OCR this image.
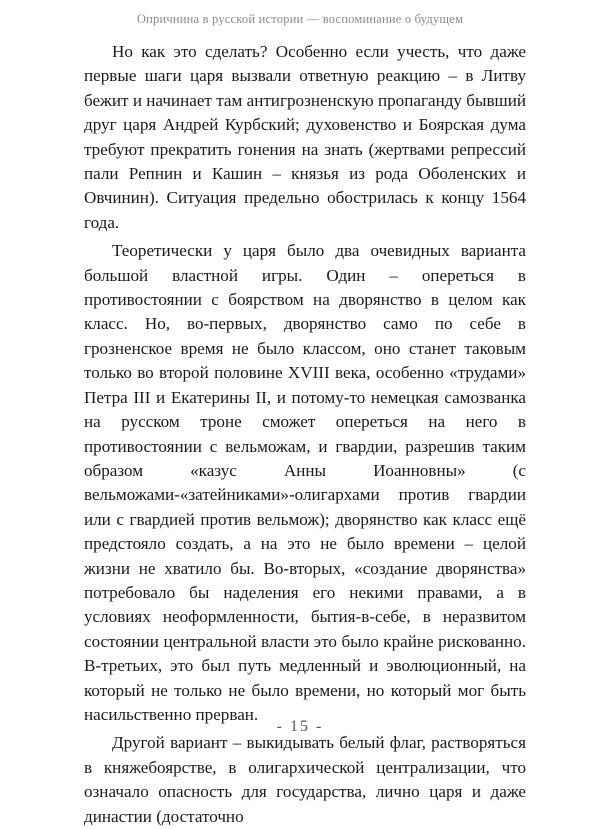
Опричнина в русской истории — воспоминание о будущем

Но как это сделать? Особенно если учесть, что даже первые шаги царя вызвали ответную реакцию – в Литву бежит и начинает там антигрозненскую пропаганду бывший друг царя Андрей Курбский; духовенство и Боярская дума требуют прекратить гонения на знать (жертвами репрессий пали Репнин и Кашин – князья из рода Оболенских и Овчинин). Ситуация предельно обострилась к концу 1564 года.

Теоретически у царя было два очевидных варианта большой властной игры. Один – опереться в противостоянии с боярством на дворянство в целом как класс. Но, во-первых, дворянство само по себе в грозненское время не было классом, оно станет таковым только во второй половине XVIII века, особенно «трудами» Петра III и Екатерины II, и потому-то немецкая самозванка на русском троне сможет опереться на него в противостоянии с вельможам, и гвардии, разрешив таким образом «казус Анны Иоанновны» (с вельможами-«затейниками»-олигархами против гвардии или с гвардией против вельмож); дворянство как класс ещё предстояло создать, а на это не было времени – целой жизни не хватило бы. Во-вторых, «создание дворянства» потребовало бы наделения его некими правами, а в условиях неоформленности, бытия-в-себе, в неразвитом состоянии центральной власти это было крайне рискованно. В-третьих, это был путь медленный и эволюционный, на который не только не было времени, но который мог быть насильственно прерван.

Другой вариант – выкидывать белый флаг, растворяться в княжебоярстве, в олигархической централизации, что означало опасность для государства, лично царя и даже династии (достаточно

- 15 -
